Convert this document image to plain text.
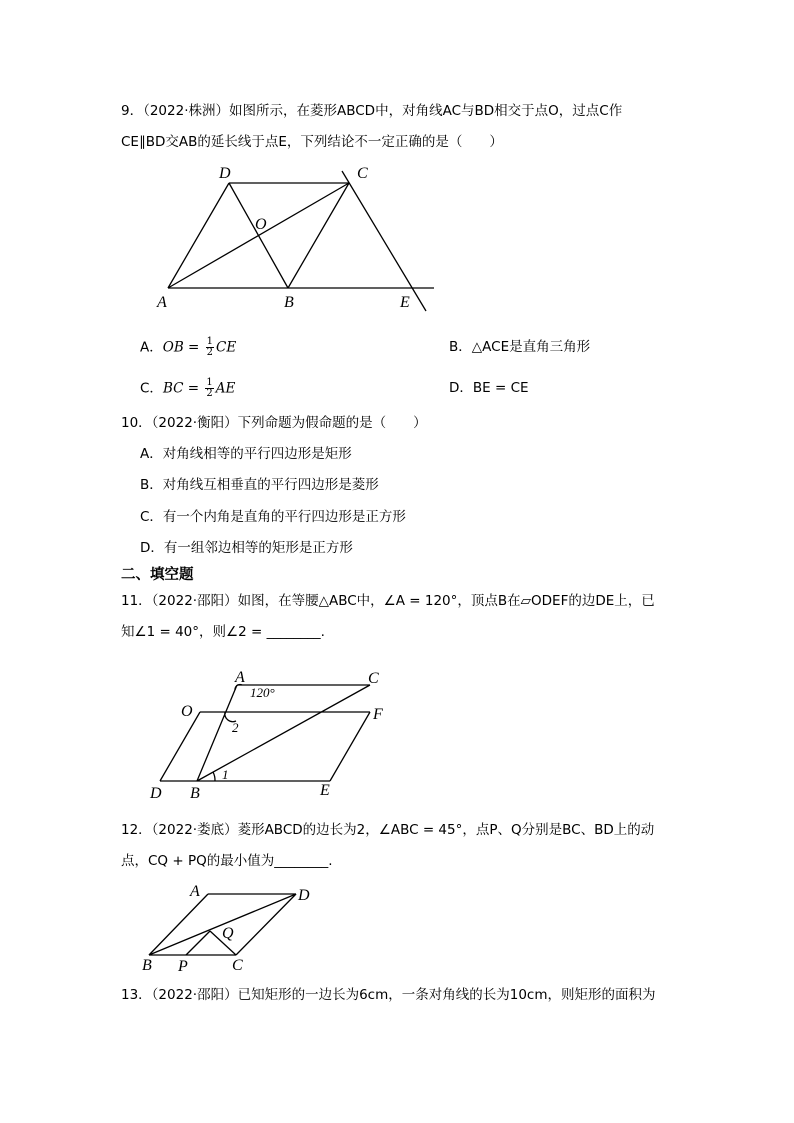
9．（2022·株洲）如图所示，在菱形ABCD中，对角线AC与BD相交于点O，过点C作
CE∥BD交AB的延长线于点E，下列结论不一定正确的是（　　）
D	C
O
A	B	E
A．OB = $\frac{1}{2}$ CE	B．△ACE是直角三角形
C．BC = $\frac{1}{2}$ AE	D．BE = CE
10．（2022·衡阳）下列命题为假命题的是（　　）
A．对角线相等的平行四边形是矩形
B．对角线互相垂直的平行四边形是菱形
C．有一个内角是直角的平行四边形是正方形
D．有一组邻边相等的矩形是正方形
二、填空题
11．（2022·邵阳）如图，在等腰△ABC中，∠A = 120°，顶点B在▱ODEF的边DE上，已
知∠1 = 40°，则∠2 = ________.
A	C
O	F
D B	E
120°
2
1
12．（2022·娄底）菱形ABCD的边长为2，∠ABC = 45°，点P、Q分别是BC、BD上的动
点，CQ + PQ的最小值为________.
A	D
Q
B P	C
13．（2022·邵阳）已知矩形的一边长为6cm，一条对角线的长为10cm，则矩形的面积为
